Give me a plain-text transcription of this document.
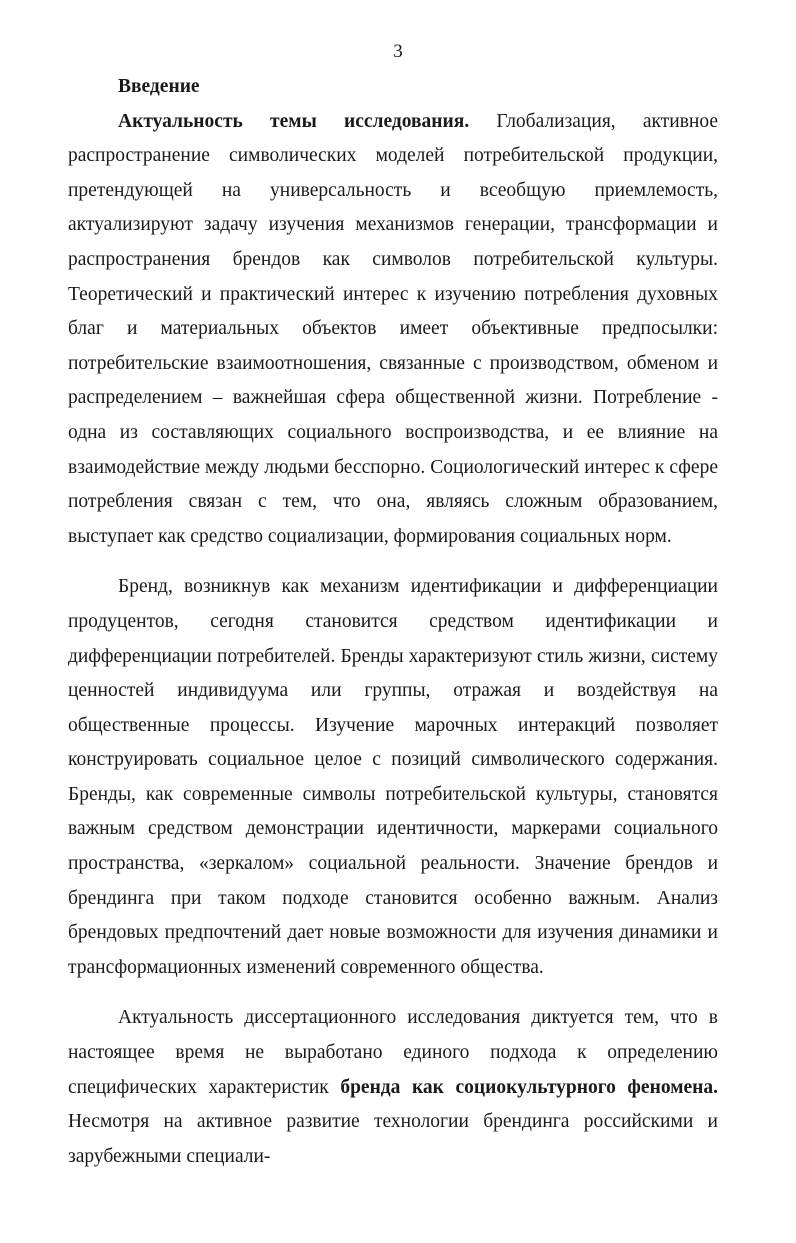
3
Введение

Актуальность темы исследования. Глобализация, активное распространение символических моделей потребительской продукции, претендующей на универсальность и всеобщую приемлемость, актуализируют задачу изучения механизмов генерации, трансформации и распространения брендов как символов потребительской культуры. Теоретический и практический интерес к изучению потребления духовных благ и материальных объектов имеет объективные предпосылки: потребительские взаимоотношения, связанные с производством, обменом и распределением – важнейшая сфера общественной жизни. Потребление - одна из составляющих социального воспроизводства, и ее влияние на взаимодействие между людьми бесспорно. Социологический интерес к сфере потребления связан с тем, что она, являясь сложным образованием, выступает как средство социализации, формирования социальных норм.

Бренд, возникнув как механизм идентификации и дифференциации продуцентов, сегодня становится средством идентификации и дифференциации потребителей. Бренды характеризуют стиль жизни, систему ценностей индивидуума или группы, отражая и воздействуя на общественные процессы. Изучение марочных интеракций позволяет конструировать социальное целое с позиций символического содержания. Бренды, как современные символы потребительской культуры, становятся важным средством демонстрации идентичности, маркерами социального пространства, «зеркалом» социальной реальности. Значение брендов и брендинга при таком подходе становится особенно важным. Анализ брендовых предпочтений дает новые возможности для изучения динамики и трансформационных изменений современного общества.

Актуальность диссертационного исследования диктуется тем, что в настоящее время не выработано единого подхода к определению специфических характеристик бренда как социокультурного феномена. Несмотря на активное развитие технологии брендинга российскими и зарубежными специали-
